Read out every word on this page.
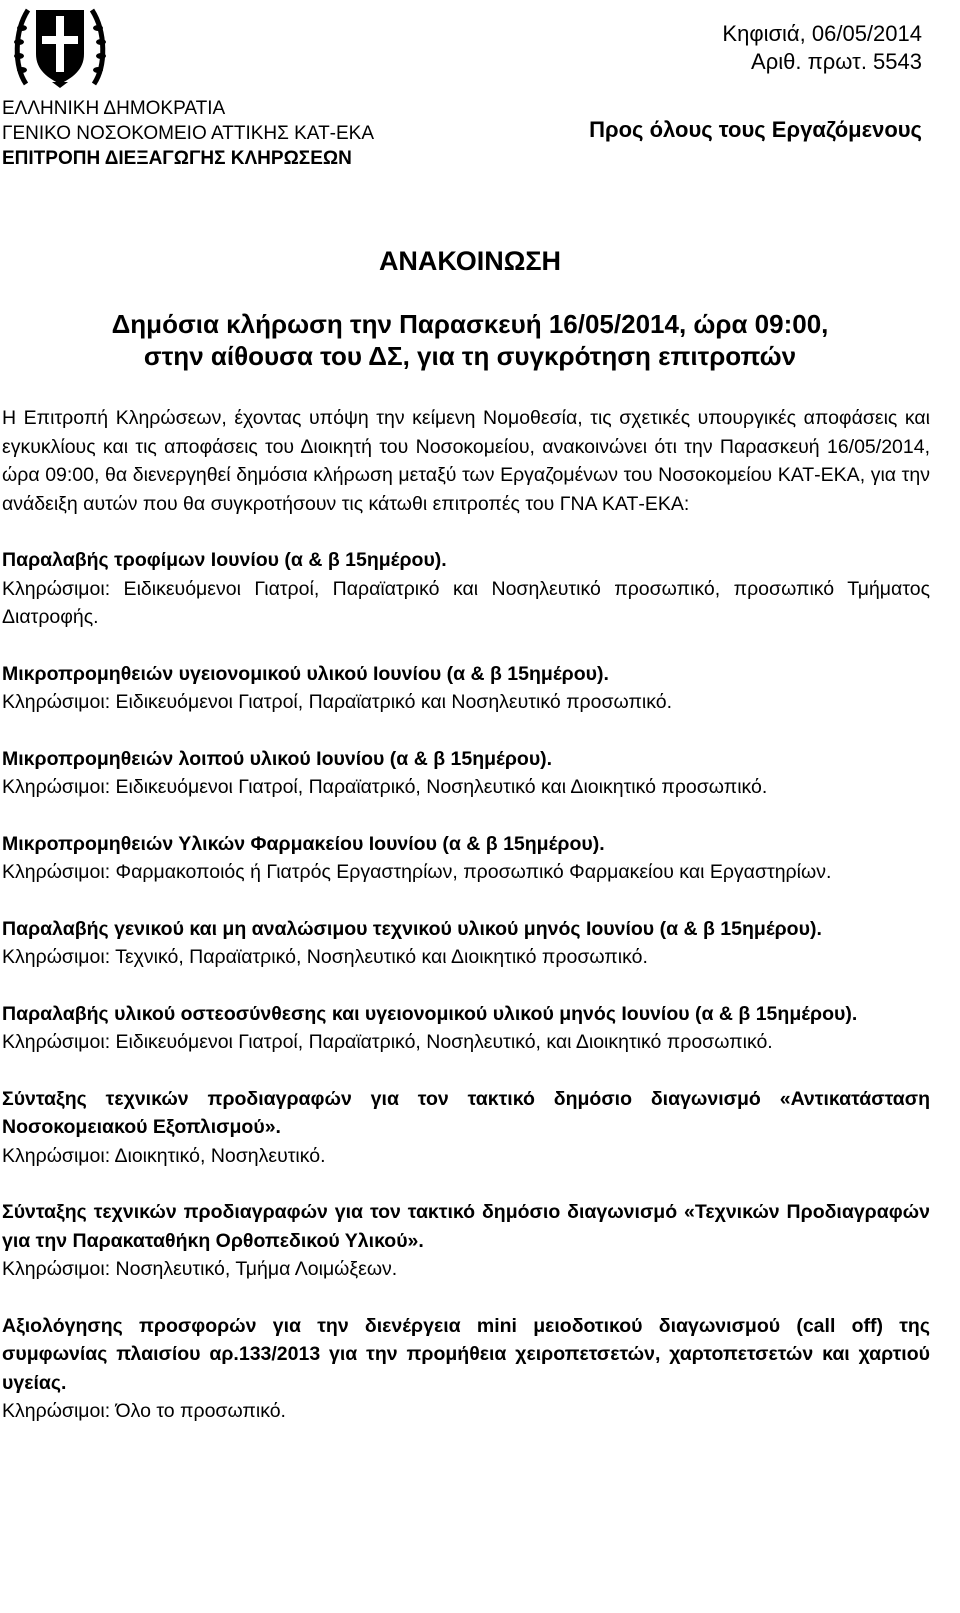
ΕΛΛΗΝΙΚΗ ΔΗΜΟΚΡΑΤΙΑ
ΓΕΝΙΚΟ ΝΟΣΟΚΟΜΕΙΟ ΑΤΤΙΚΗΣ ΚΑΤ-ΕΚΑ
ΕΠΙΤΡΟΠΗ ΔΙΕΞΑΓΩΓΗΣ ΚΛΗΡΩΣΕΩΝ
Κηφισιά, 06/05/2014
Αριθ. πρωτ. 5543
Προς όλους τους Εργαζόμενους
ΑΝΑΚΟΙΝΩΣΗ
Δημόσια κλήρωση την Παρασκευή 16/05/2014, ώρα 09:00,
στην αίθουσα του ΔΣ, για τη συγκρότηση επιτροπών

Η Επιτροπή Κληρώσεων, έχοντας υπόψη την κείμενη Νομοθεσία, τις σχετικές υπουργικές αποφάσεις και εγκυκλίους και τις αποφάσεις του Διοικητή του Νοσοκομείου, ανακοινώνει ότι την Παρασκευή 16/05/2014, ώρα 09:00, θα διενεργηθεί δημόσια κλήρωση μεταξύ των Εργαζομένων του Νοσοκομείου ΚΑΤ-ΕΚΑ, για την ανάδειξη αυτών που θα συγκροτήσουν τις κάτωθι επιτροπές του ΓΝΑ ΚΑΤ-ΕΚΑ:

Παραλαβής τροφίμων Ιουνίου (α & β 15ημέρου).

Κληρώσιμοι: Ειδικευόμενοι Γιατροί, Παραϊατρικό και Νοσηλευτικό προσωπικό, προσωπικό Τμήματος Διατροφής.

Μικροπρομηθειών υγειονομικού υλικού Ιουνίου (α & β 15ημέρου).

Κληρώσιμοι: Ειδικευόμενοι Γιατροί, Παραϊατρικό και Νοσηλευτικό προσωπικό.

Μικροπρομηθειών λοιπού υλικού Ιουνίου (α & β 15ημέρου).

Κληρώσιμοι: Ειδικευόμενοι Γιατροί, Παραϊατρικό, Νοσηλευτικό και Διοικητικό προσωπικό.

Μικροπρομηθειών Υλικών Φαρμακείου Ιουνίου (α & β 15ημέρου).

Κληρώσιμοι: Φαρμακοποιός ή Γιατρός Εργαστηρίων, προσωπικό Φαρμακείου και Εργαστηρίων.

Παραλαβής γενικού και μη αναλώσιμου τεχνικού υλικού μηνός Ιουνίου (α & β 15ημέρου).

Κληρώσιμοι: Τεχνικό, Παραϊατρικό, Νοσηλευτικό και Διοικητικό προσωπικό.

Παραλαβής υλικού οστεοσύνθεσης και υγειονομικού υλικού μηνός Ιουνίου (α & β 15ημέρου).

Κληρώσιμοι: Ειδικευόμενοι Γιατροί, Παραϊατρικό, Νοσηλευτικό, και Διοικητικό προσωπικό.

Σύνταξης τεχνικών προδιαγραφών για τον τακτικό δημόσιο διαγωνισμό «Αντικατάσταση Νοσοκομειακού Εξοπλισμού».

Κληρώσιμοι: Διοικητικό, Νοσηλευτικό.

Σύνταξης τεχνικών προδιαγραφών για τον τακτικό δημόσιο διαγωνισμό «Τεχνικών Προδιαγραφών για την Παρακαταθήκη Ορθοπεδικού Υλικού».

Κληρώσιμοι: Νοσηλευτικό, Τμήμα Λοιμώξεων.

Αξιολόγησης προσφορών για την διενέργεια mini μειοδοτικού διαγωνισμού (call off) της συμφωνίας πλαισίου αρ.133/2013 για την προμήθεια χειροπετσετών, χαρτοπετσετών και χαρτιού υγείας.

Κληρώσιμοι: Όλο το προσωπικό.
